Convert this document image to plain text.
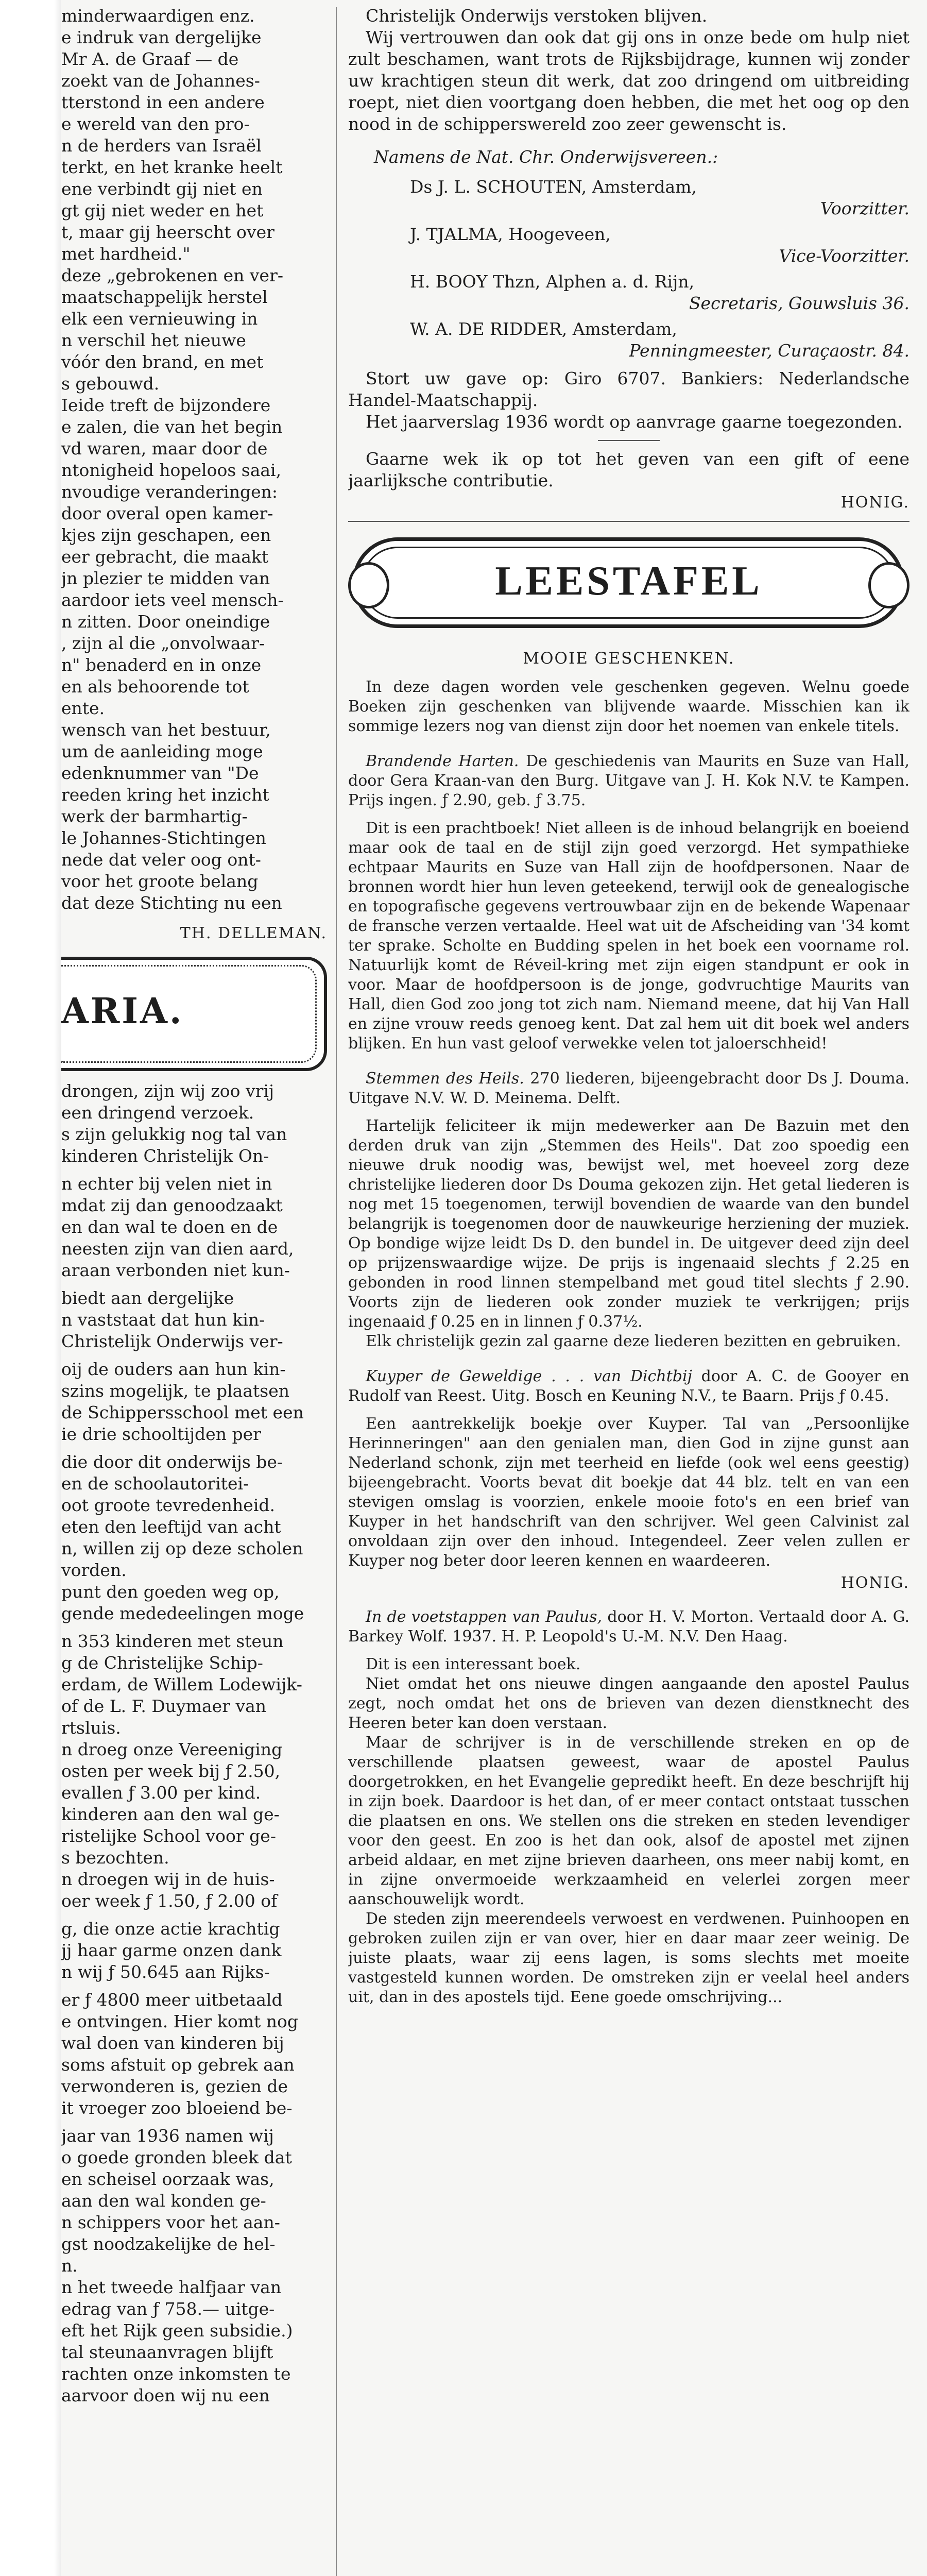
minderwaardigen enz.

e indruk van dergelijke

Mr A. de Graaf — de

zoekt van de Johannes-

tterstond in een andere

e wereld van den pro-

n de herders van Israël

terkt, en het kranke heelt

ene verbindt gij niet en

gt gij niet weder en het

t, maar gij heerscht over

met hardheid."

deze „gebrokenen en ver-

maatschappelijk herstel

elk een vernieuwing in

n verschil het nieuwe

vóór den brand, en met

s gebouwd.

Ieide treft de bijzondere

e zalen, die van het begin

vd waren, maar door de

ntonigheid hopeloos saai,

nvoudige veranderingen:

door overal open kamer-

kjes zijn geschapen, een

eer gebracht, die maakt

jn plezier te midden van

aardoor iets veel mensch-

n zitten. Door oneindige

, zijn al die „onvolwaar-

n" benaderd en in onze

en als behoorende tot

ente.

wensch van het bestuur,

um de aanleiding moge

edenknummer van "De

reeden kring het inzicht

werk der barmhartig-

le Johannes-Stichtingen

nede dat veler oog ont-

voor het groote belang

dat deze Stichting nu een

TH. DELLEMAN.

ARIA.

drongen, zijn wij zoo vrij

een dringend verzoek.

s zijn gelukkig nog tal van

kinderen Christelijk On-

n echter bij velen niet in

mdat zij dan genoodzaakt

en dan wal te doen en de

neesten zijn van dien aard,

araan verbonden niet kun-

biedt aan dergelijke

n vaststaat dat hun kin-

Christelijk Onderwijs ver-

oij de ouders aan hun kin-

szins mogelijk, te plaatsen

de Schippersschool met een

ie drie schooltijden per

die door dit onderwijs be-

en de schoolautoritei-

oot groote tevredenheid.

eten den leeftijd van acht

n, willen zij op deze scholen

vorden.

punt den goeden weg op,

gende mededeelingen moge

n 353 kinderen met steun

g de Christelijke Schip-

erdam, de Willem Lodewijk-

of de L. F. Duymaer van

rtsluis.

n droeg onze Vereeniging

osten per week bij ƒ 2.50,

evallen ƒ 3.00 per kind.

kinderen aan den wal ge-

ristelijke School voor ge-

s bezochten.

n droegen wij in de huis-

oer week ƒ 1.50, ƒ 2.00 of

g, die onze actie krachtig

jj haar garme onzen dank

n wij ƒ 50.645 aan Rijks-

er ƒ 4800 meer uitbetaald

e ontvingen. Hier komt nog

wal doen van kinderen bij

soms afstuit op gebrek aan

verwonderen is, gezien de

it vroeger zoo bloeiend be-

jaar van 1936 namen wij

o goede gronden bleek dat

en scheisel oorzaak was,

aan den wal konden ge-

n schippers voor het aan-

gst noodzakelijke de hel-

n.

n het tweede halfjaar van

edrag van ƒ 758.— uitge-

eft het Rijk geen subsidie.)

tal steunaanvragen blijft

rachten onze inkomsten te

aarvoor doen wij nu een

Christelijk Onderwijs verstoken blijven.

Wij vertrouwen dan ook dat gij ons in onze bede om hulp niet zult beschamen, want trots de Rijksbijdrage, kunnen wij zonder uw krachtigen steun dit werk, dat zoo dringend om uitbreiding roept, niet dien voortgang doen hebben, die met het oog op den nood in de schipperswereld zoo zeer gewenscht is.

Namens de Nat. Chr. Onderwijsvereen.:

Ds J. L. SCHOUTEN, Amsterdam,
Voorzitter.
J. TJALMA, Hoogeveen,
Vice-Voorzitter.
H. BOOY Thzn, Alphen a. d. Rijn,
Secretaris, Gouwsluis 36.
W. A. DE RIDDER, Amsterdam,
Penningmeester, Curaçaostr. 84.

Stort uw gave op: Giro 6707. Bankiers: Nederlandsche Handel-Maatschappij.

Het jaarverslag 1936 wordt op aanvrage gaarne toegezonden.

Gaarne wek ik op tot het geven van een gift of eene jaarlijksche contributie.

HONIG.

LEESTAFEL

MOOIE GESCHENKEN.

In deze dagen worden vele geschenken gegeven. Welnu goede Boeken zijn geschenken van blijvende waarde. Misschien kan ik sommige lezers nog van dienst zijn door het noemen van enkele titels.

Brandende Harten. De geschiedenis van Maurits en Suze van Hall, door Gera Kraan-van den Burg. Uitgave van J. H. Kok N.V. te Kampen. Prijs ingen. ƒ 2.90, geb. ƒ 3.75.

Dit is een prachtboek! Niet alleen is de inhoud belangrijk en boeiend maar ook de taal en de stijl zijn goed verzorgd. Het sympathieke echtpaar Maurits en Suze van Hall zijn de hoofdpersonen. Naar de bronnen wordt hier hun leven geteekend, terwijl ook de genealogische en topografische gegevens vertrouwbaar zijn en de bekende Wapenaar de fransche verzen vertaalde. Heel wat uit de Afscheiding van '34 komt ter sprake. Scholte en Budding spelen in het boek een voorname rol. Natuurlijk komt de Réveil-kring met zijn eigen standpunt er ook in voor. Maar de hoofdpersoon is de jonge, godvruchtige Maurits van Hall, dien God zoo jong tot zich nam. Niemand meene, dat hij Van Hall en zijne vrouw reeds genoeg kent. Dat zal hem uit dit boek wel anders blijken. En hun vast geloof verwekke velen tot jaloerschheid!

Stemmen des Heils. 270 liederen, bijeengebracht door Ds J. Douma. Uitgave N.V. W. D. Meinema. Delft.

Hartelijk feliciteer ik mijn medewerker aan De Bazuin met den derden druk van zijn „Stemmen des Heils". Dat zoo spoedig een nieuwe druk noodig was, bewijst wel, met hoeveel zorg deze christelijke liederen door Ds Douma gekozen zijn. Het getal liederen is nog met 15 toegenomen, terwijl bovendien de waarde van den bundel belangrijk is toegenomen door de nauwkeurige herziening der muziek. Op bondige wijze leidt Ds D. den bundel in. De uitgever deed zijn deel op prijzenswaardige wijze. De prijs is ingenaaid slechts ƒ 2.25 en gebonden in rood linnen stempelband met goud titel slechts ƒ 2.90. Voorts zijn de liederen ook zonder muziek te verkrijgen; prijs ingenaaid ƒ 0.25 en in linnen ƒ 0.37½.

Elk christelijk gezin zal gaarne deze liederen bezitten en gebruiken.

Kuyper de Geweldige . . . van Dichtbij door A. C. de Gooyer en Rudolf van Reest. Uitg. Bosch en Keuning N.V., te Baarn. Prijs ƒ 0.45.

Een aantrekkelijk boekje over Kuyper. Tal van „Persoonlijke Herinneringen" aan den genialen man, dien God in zijne gunst aan Nederland schonk, zijn met teerheid en liefde (ook wel eens geestig) bijeengebracht. Voorts bevat dit boekje dat 44 blz. telt en van een stevigen omslag is voorzien, enkele mooie foto's en een brief van Kuyper in het handschrift van den schrijver. Wel geen Calvinist zal onvoldaan zijn over den inhoud. Integendeel. Zeer velen zullen er Kuyper nog beter door leeren kennen en waardeeren.

HONIG.

In de voetstappen van Paulus, door H. V. Morton. Vertaald door A. G. Barkey Wolf. 1937. H. P. Leopold's U.-M. N.V. Den Haag.

Dit is een interessant boek.

Niet omdat het ons nieuwe dingen aangaande den apostel Paulus zegt, noch omdat het ons de brieven van dezen dienstknecht des Heeren beter kan doen verstaan.

Maar de schrijver is in de verschillende streken en op de verschillende plaatsen geweest, waar de apostel Paulus doorgetrokken, en het Evangelie gepredikt heeft. En deze beschrijft hij in zijn boek. Daardoor is het dan, of er meer contact ontstaat tusschen die plaatsen en ons. We stellen ons die streken en steden levendiger voor den geest. En zoo is het dan ook, alsof de apostel met zijnen arbeid aldaar, en met zijne brieven daarheen, ons meer nabij komt, en in zijne onvermoeide werkzaamheid en velerlei zorgen meer aanschouwelijk wordt.

De steden zijn meerendeels verwoest en verdwenen. Puinhoopen en gebroken zuilen zijn er van over, hier en daar maar zeer weinig. De juiste plaats, waar zij eens lagen, is soms slechts met moeite vastgesteld kunnen worden. De omstreken zijn er veelal heel anders uit, dan in des apostels tijd. Eene goede omschrijving...
